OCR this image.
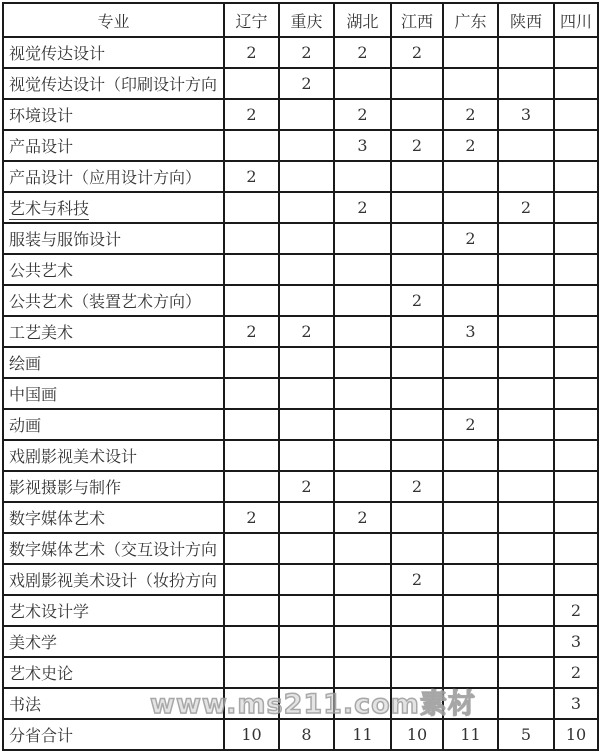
专业	辽宁	重庆	湖北	江西	广东	陕西	四川
视觉传达设计	2	2	2	2			
视觉传达设计（印刷设计方向		2					
环境设计	2		2		2	3	
产品设计			3	2	2		
产品设计（应用设计方向）	2						
艺术与科技			2			2	
服装与服饰设计					2		
公共艺术							
公共艺术（装置艺术方向）				2			
工艺美术	2	2			3		
绘画							
中国画							
动画					2		
戏剧影视美术设计							
影视摄影与制作		2		2			
数字媒体艺术	2		2				
数字媒体艺术（交互设计方向							
戏剧影视美术设计（妆扮方向				2			
艺术设计学							2
美术学							3
艺术史论							2
书法							3
分省合计	10	8	11	10	11	5	10
www.ms211.com素材
